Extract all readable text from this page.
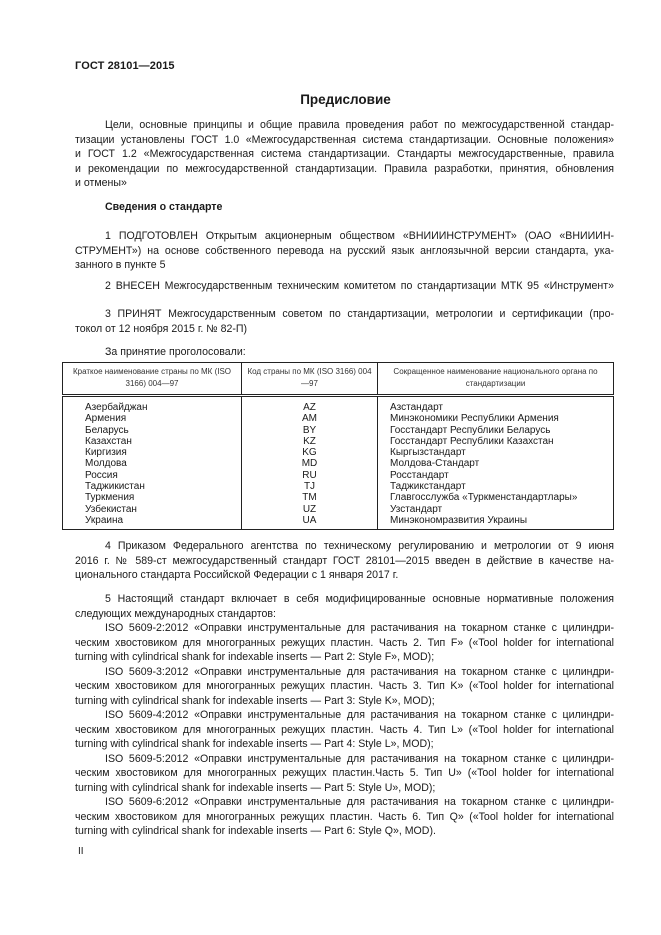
ГОСТ 28101—2015
Предисловие
Цели, основные принципы и общие правила проведения работ по межгосударственной стандар-
тизации установлены ГОСТ 1.0 «Межгосударственная система стандартизации. Основные положения»
и ГОСТ 1.2 «Межгосударственная система стандартизации. Стандарты межгосударственные, правила
и рекомендации по межгосударственной стандартизации. Правила разработки, принятия, обновления
и отмены»
Сведения о стандарте
1 ПОДГОТОВЛЕН Открытым акционерным обществом «ВНИИИНСТРУМЕНТ» (ОАО «ВНИИИН-
СТРУМЕНТ») на основе собственного перевода на русский язык англоязычной версии стандарта, ука-
занного в пункте 5
2 ВНЕСЕН Межгосударственным техническим комитетом по стандартизации МТК 95 «Инструмент»
3 ПРИНЯТ Межгосударственным советом по стандартизации, метрологии и сертификации (про-
токол от 12 ноября 2015 г. № 82-П)
За принятие проголосовали:
Краткое наименование страны по МК (ISO 3166) 004—97	Код страны по МК (ISO 3166) 004—97	Сокращенное наименование национального органа по стандартизации
Азербайджан	AZ	Азстандарт
Армения	AM	Минэкономики Республики Армения
Беларусь	BY	Госстандарт Республики Беларусь
Казахстан	KZ	Госстандарт Республики Казахстан
Киргизия	KG	Кыргызстандарт
Молдова	MD	Молдова-Стандарт
Россия	RU	Росстандарт
Таджикистан	TJ	Таджикстандарт
Туркмения	TM	Главгосслужба «Туркменстандартлары»
Узбекистан	UZ	Узстандарт
Украина	UA	Минэкономразвития Украины
4 Приказом Федерального агентства по техническому регулированию и метрологии от 9 июня
2016 г. № 589-ст межгосударственный стандарт ГОСТ 28101—2015 введен в действие в качестве на-
ционального стандарта Российской Федерации с 1 января 2017 г.
5 Настоящий стандарт включает в себя модифицированные основные нормативные положения
следующих международных стандартов:
ISO 5609-2:2012 «Оправки инструментальные для растачивания на токарном станке с цилиндри-
ческим хвостовиком для многогранных режущих пластин. Часть 2. Тип F» («Tool holder for international
turning with cylindrical shank for indexable inserts — Part 2: Style F», MOD);
ISO 5609-3:2012 «Оправки инструментальные для растачивания на токарном станке с цилиндри-
ческим хвостовиком для многогранных режущих пластин. Часть 3. Тип K» («Tool holder for international
turning with cylindrical shank for indexable inserts — Part 3: Style K», MOD);
ISO 5609-4:2012 «Оправки инструментальные для растачивания на токарном станке с цилиндри-
ческим хвостовиком для многогранных режущих пластин. Часть 4. Тип L» («Tool holder for international
turning with cylindrical shank for indexable inserts — Part 4: Style L», MOD);
ISO 5609-5:2012 «Оправки инструментальные для растачивания на токарном станке с цилиндри-
ческим хвостовиком для многогранных режущих пластин.Часть 5. Тип U» («Tool holder for international
turning with cylindrical shank for indexable inserts — Part 5: Style U», MOD);
ISO 5609-6:2012 «Оправки инструментальные для растачивания на токарном станке с цилиндри-
ческим хвостовиком для многогранных режущих пластин. Часть 6. Тип Q» («Tool holder for international
turning with cylindrical shank for indexable inserts — Part 6: Style Q», MOD).
II
